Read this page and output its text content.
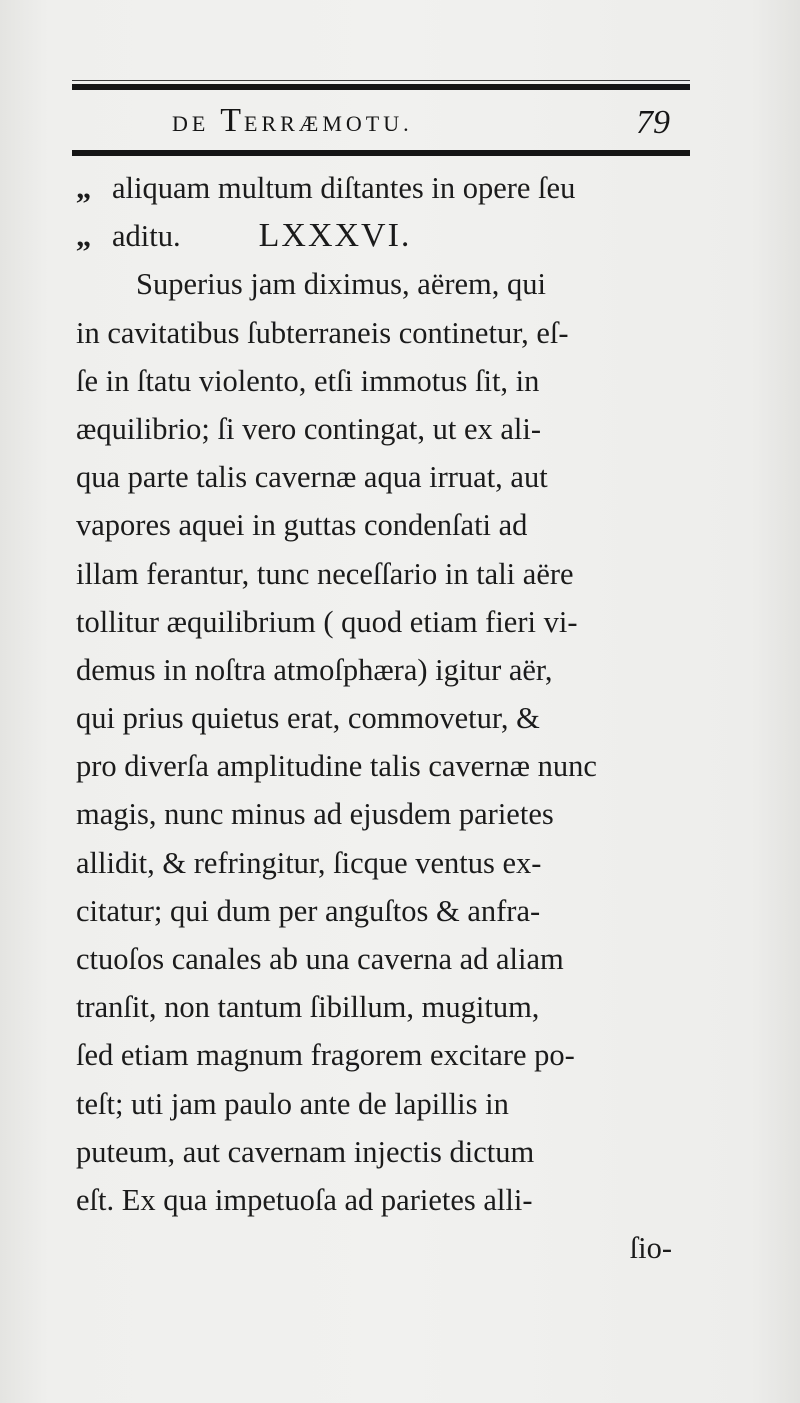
DE TERRÆMOTU.	79
„ aliquam multum diſtantes in opere ſeu
„ aditu. LXXXVI.
Superius jam diximus, aërem, qui
in cavitatibus ſubterraneis continetur, eſ-
ſe in ſtatu violento, etſi immotus ſit, in
æquilibrio; ſi vero contingat, ut ex ali-
qua parte talis cavernæ aqua irruat, aut
vapores aquei in guttas condenſati ad
illam ferantur, tunc neceſſario in tali aëre
tollitur æquilibrium ( quod etiam fieri vi-
demus in noſtra atmoſphæra) igitur aër,
qui prius quietus erat, commovetur, &
pro diverſa amplitudine talis cavernæ nunc
magis, nunc minus ad ejusdem parietes
allidit, & refringitur, ſicque ventus ex-
citatur; qui dum per anguſtos & anfra-
ctuoſos canales ab una caverna ad aliam
tranſit, non tantum ſibillum, mugitum,
ſed etiam magnum fragorem excitare po-
teſt; uti jam paulo ante de lapillis in
puteum, aut cavernam injectis dictum
eſt. Ex qua impetuoſa ad parietes alli-
ſio-
